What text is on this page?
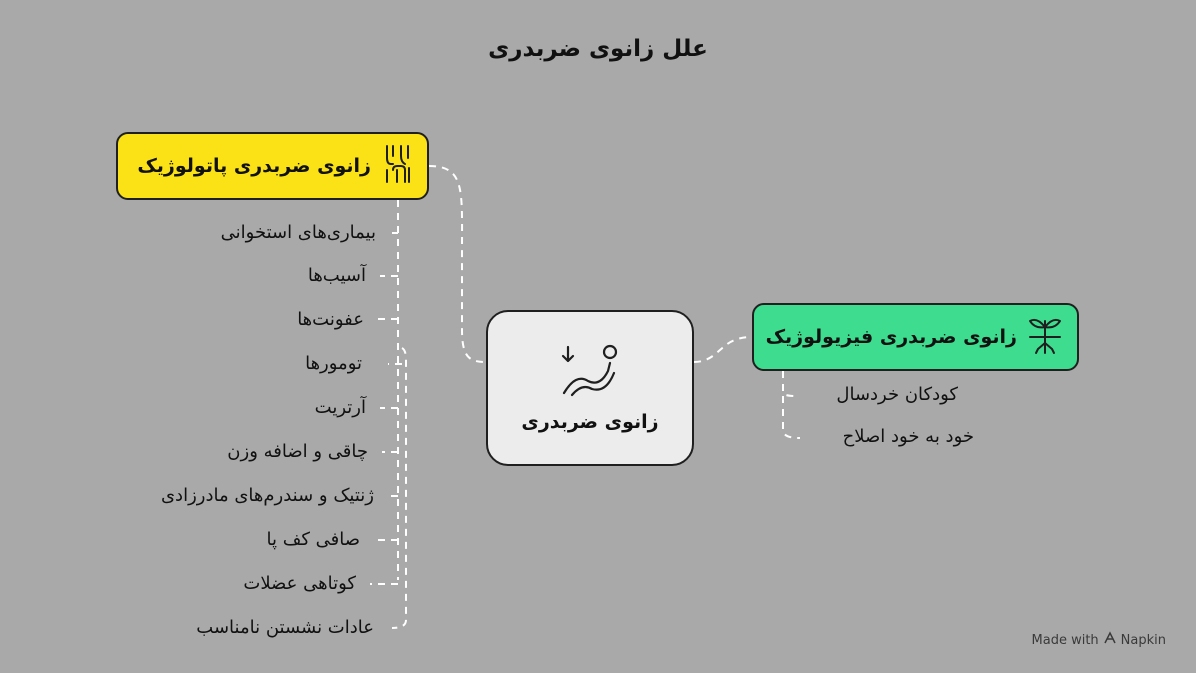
علل زانوی ضربدری
زانوی ضربدری پاتولوژیک
زانوی ضربدری
زانوی ضربدری فیزیولوژیک
بیماری‌های استخوانی
آسیب‌ها
عفونت‌ها
تومورها
آرتریت
چاقی و اضافه وزن
ژنتیک و سندرم‌های مادرزادی
صافی کف پا
کوتاهی عضلات
عادات نشستن نامناسب
کودکان خردسال
خود به خود اصلاح
Made with Napkin
